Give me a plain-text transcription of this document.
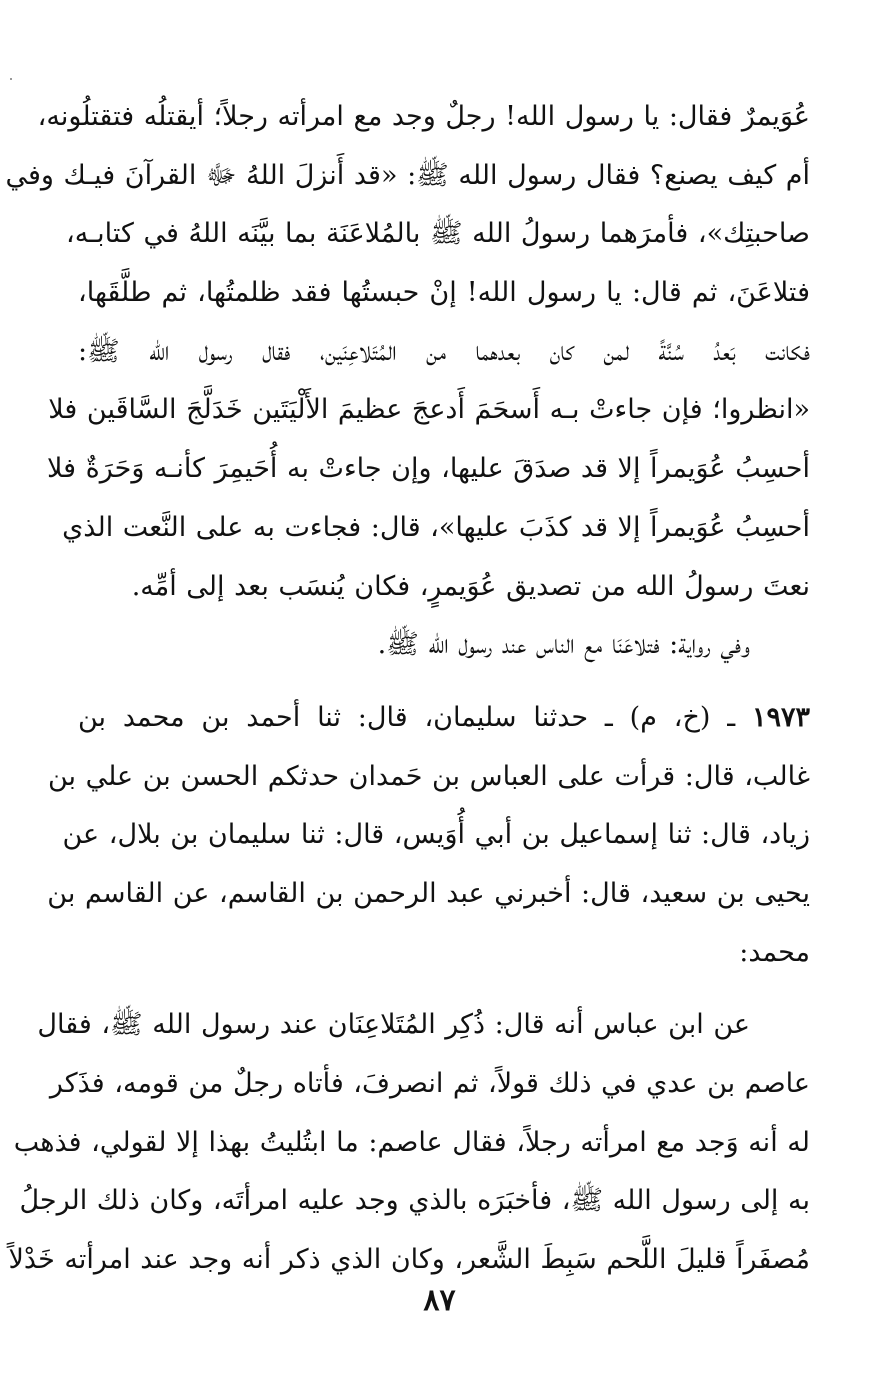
عُوَيمرٌ فقال: يا رسول الله! رجلٌ وجد مع امرأته رجلاً؛ أيقتلُه فتقتلُونه،
أم كيف يصنع؟ فقال رسول الله ﷺ: «قد أَنزلَ اللهُ ﷻ القرآنَ فيـك وفي
صاحبتِك»، فأمرَهما رسولُ الله ﷺ بالمُلاعَنَة بما بيَّنَه اللهُ في كتابـه،
فتلاعَنَ، ثم قال: يا رسول الله! إنْ حبستُها فقد ظلمتُها، ثم طلَّقَها،
فكانت بَعدُ سُنَّةً لمن كان بعدهما من المُتَلاعِنَين، فقال رسول الله ﷺ:
«انظروا؛ فإن جاءتْ بـه أَسحَمَ أَدعجَ عظيمَ الأَلْيَتَين خَدَلَّجَ السَّاقَين فلا
أحسِبُ عُوَيمراً إلا قد صدَقَ عليها، وإن جاءتْ به أُحَيمِرَ كأنـه وَحَرَةٌ فلا
أحسِبُ عُوَيمراً إلا قد كذَبَ عليها»، قال: فجاءت به على النَّعت الذي
نعتَ رسولُ الله من تصديق عُوَيمرٍ، فكان يُنسَب بعد إلى أمِّه.
وفي رواية: فتلاعَنَا مع الناس عند رسول الله ﷺ.
١٩٧٣ ـ (خ، م) ـ حدثنا سليمان، قال: ثنا أحمد بن محمد بن
غالب، قال: قرأت على العباس بن حَمدان حدثكم الحسن بن علي بن
زياد، قال: ثنا إسماعيل بن أبي أُوَيس، قال: ثنا سليمان بن بلال، عن
يحيى بن سعيد، قال: أخبرني عبد الرحمن بن القاسم، عن القاسم بن
محمد:
عن ابن عباس أنه قال: ذُكِر المُتَلاعِنَان عند رسول الله ﷺ، فقال
عاصم بن عدي في ذلك قولاً، ثم انصرفَ، فأتاه رجلٌ من قومه، فذَكر
له أنه وَجد مع امرأته رجلاً، فقال عاصم: ما ابتُليتُ بهذا إلا لقولي، فذهب
به إلى رسول الله ﷺ، فأخبَرَه بالذي وجد عليه امرأتَه، وكان ذلك الرجلُ
مُصفَراً قليلَ اللَّحم سَبِطَ الشَّعر، وكان الذي ذكر أنه وجد عند امرأته خَدْلاً
٨٧
